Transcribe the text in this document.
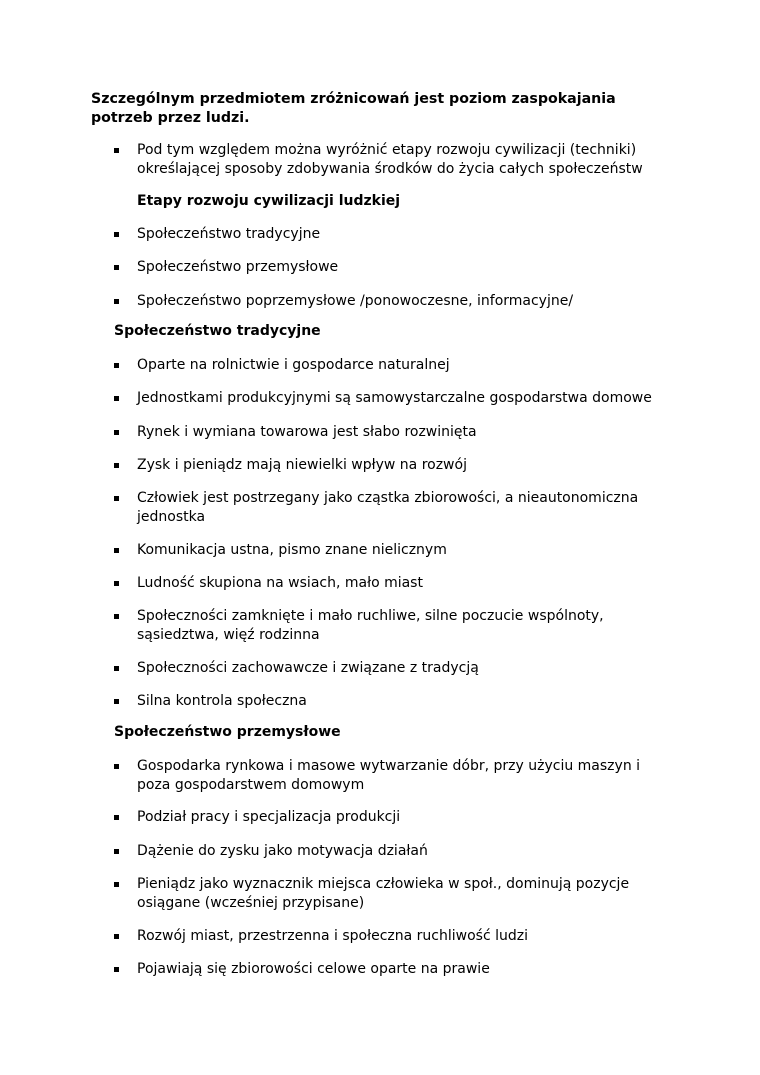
Szczególnym przedmiotem zróżnicowań jest poziom zaspokajania potrzeb przez ludzi.
Pod tym względem można wyróżnić etapy rozwoju cywilizacji (techniki) określającej sposoby zdobywania środków do życia całych społeczeństw
Etapy rozwoju cywilizacji ludzkiej
Społeczeństwo tradycyjne
Społeczeństwo przemysłowe
Społeczeństwo poprzemysłowe /ponowoczesne, informacyjne/
Społeczeństwo tradycyjne
Oparte na rolnictwie i gospodarce naturalnej
Jednostkami produkcyjnymi są samowystarczalne gospodarstwa domowe
Rynek i wymiana towarowa jest słabo rozwinięta
Zysk i pieniądz mają niewielki wpływ na rozwój
Człowiek jest postrzegany jako cząstka zbiorowości, a nieautonomiczna jednostka
Komunikacja ustna, pismo znane nielicznym
Ludność skupiona na wsiach, mało miast
Społeczności zamknięte i mało ruchliwe, silne poczucie wspólnoty, sąsiedztwa, więź rodzinna
Społeczności zachowawcze i związane z tradycją
Silna kontrola społeczna
Społeczeństwo przemysłowe
Gospodarka rynkowa i masowe wytwarzanie dóbr, przy użyciu maszyn i poza gospodarstwem domowym
Podział pracy i specjalizacja produkcji
Dążenie do zysku jako motywacja działań
Pieniądz jako wyznacznik miejsca człowieka w społ., dominują pozycje osiągane (wcześniej przypisane)
Rozwój miast, przestrzenna i społeczna ruchliwość ludzi
Pojawiają się zbiorowości celowe oparte na prawie
